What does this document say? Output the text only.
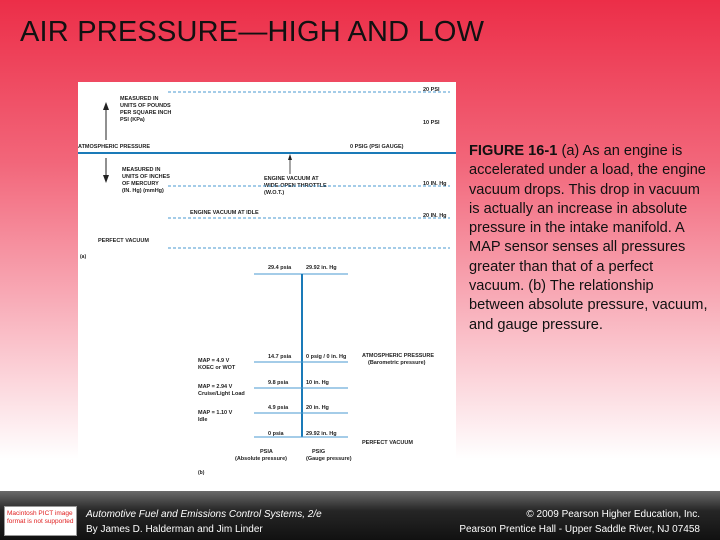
AIR PRESSURE—HIGH AND LOW
20 PSI
10 PSI
MEASURED IN
UNITS OF POUNDS
PER SQUARE INCH
PSI (KPa)
ATMOSPHERIC PRESSURE	0 PSIG (PSI GAUGE)
MEASURED IN
UNITS OF INCHES
OF MERCURY
(IN. Hg) (mmHg)
ENGINE VACUUM AT
WIDE-OPEN THROTTLE
(W.O.T.)
10 IN. Hg
ENGINE VACUUM AT IDLE	20 IN. Hg
PERFECT VACUUM
(a)
29.4 psia	29.92 in. Hg
14.7 psia	0 psig / 0 in. Hg	ATMOSPHERIC PRESSURE
(Barometric pressure)
MAP = 4.9 V
KOEC or WOT
9.8 psia	10 in. Hg
MAP = 2.94 V
Cruise/Light Load
4.9 psia	20 in. Hg
MAP = 1.10 V
Idle
0 psia	29.92 in. Hg
PERFECT VACUUM
PSIA
(Absolute pressure)
PSIG
(Gauge pressure)
(b)
FIGURE 16-1 (a) As an engine is accelerated under a load, the engine vacuum drops. This drop in vacuum is actually an increase in absolute pressure in the intake manifold. A MAP sensor senses all pressures greater than that of a perfect vacuum. (b) The relationship between absolute pressure, vacuum, and gauge pressure.
Macintosh PICT image format is not supported
Automotive Fuel and Emissions Control Systems, 2/e
By James D. Halderman and Jim Linder
© 2009 Pearson Higher Education, Inc.
Pearson Prentice Hall - Upper Saddle River, NJ 07458
